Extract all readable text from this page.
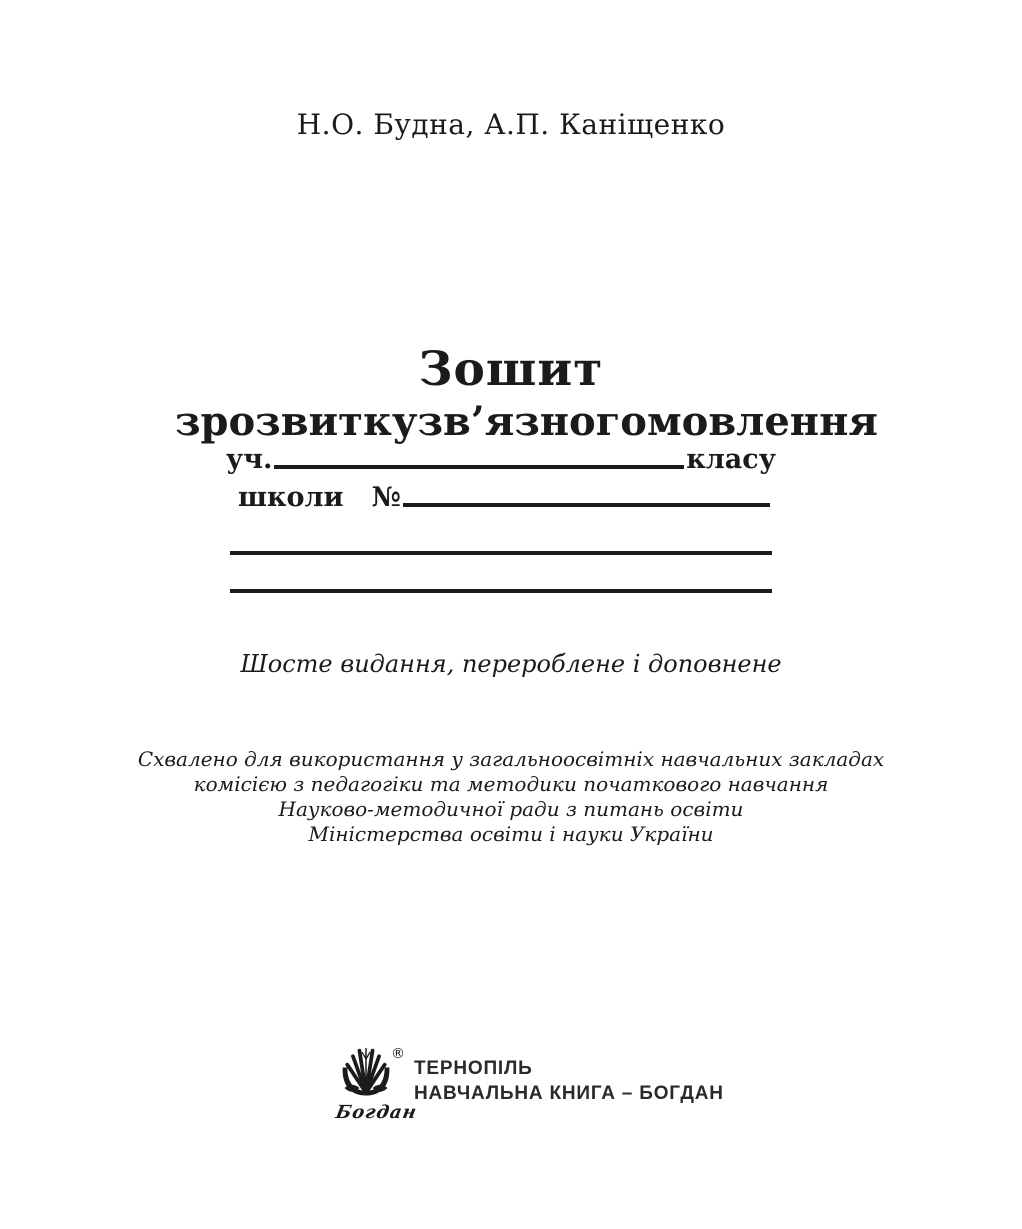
Н.О. Будна, А.П. Каніщенко
Зошит
з розвитку зв’язного мовлення
уч.	класу
школи №
Шосте видання, перероблене і доповнене
Схвалено для використання у загальноосвітніх навчальних закладах
комісією з педагогіки та методики початкового навчання
Науково-методичної ради з питань освіти
Міністерства освіти і науки України
®
Богдан
ТЕРНОПІЛЬ
НАВЧАЛЬНА КНИГА – БОГДАН
